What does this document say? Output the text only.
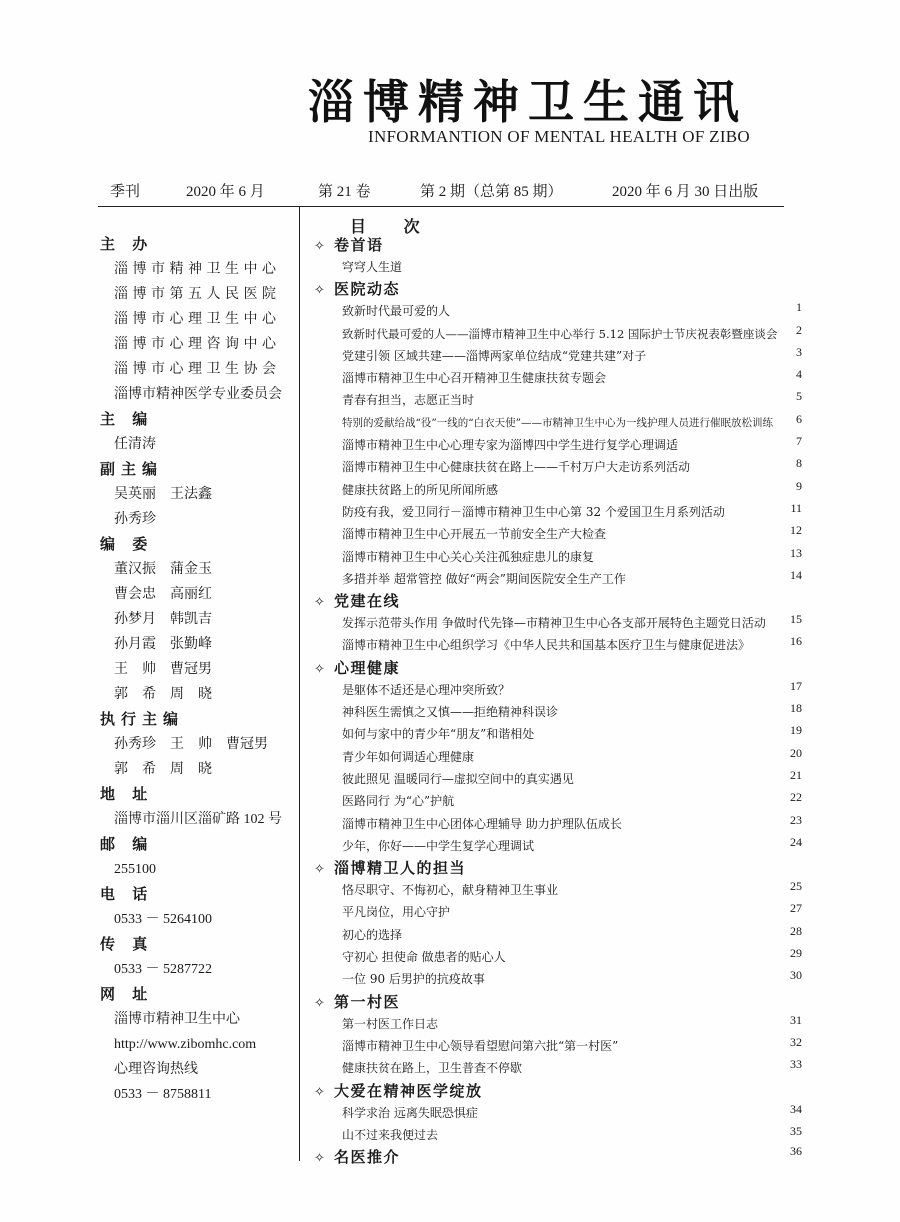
淄博精神卫生通讯
INFORMANTION OF MENTAL HEALTH OF ZIBO
季刊	2020 年 6 月	第 21 卷	第 2 期（总第 85 期）	2020 年 6 月 30 日出版
主 办
淄博市精神卫生中心
淄博市第五人民医院
淄博市心理卫生中心
淄博市心理咨询中心
淄博市心理卫生协会
淄博市精神医学专业委员会
主 编
任清涛
副主编
吴英丽　王法鑫
孙秀珍
编 委
董汉振　蒲金玉
曹会忠　高丽红
孙梦月　韩凯吉
孙月霞　张勤峰
王　帅　曹冠男
郭　希　周　晓
执行主编
孙秀珍　王　帅　曹冠男
郭　希　周　晓
地 址
淄博市淄川区淄矿路 102 号
邮 编
255100
电 话
0533 － 5264100
传 真
0533 － 5287722
网 址
淄博市精神卫生中心
http://www.zibomhc.com
心理咨询热线
0533 － 8758811
目 次
✧ 卷首语
穹穹人生道
✧ 医院动态
致新时代最可爱的人	1
致新时代最可爱的人——淄博市精神卫生中心举行 5.12 国际护士节庆祝表彰暨座谈会	2
党建引领 区域共建——淄博两家单位结成“党建共建”对子	3
淄博市精神卫生中心召开精神卫生健康扶贫专题会	4
青春有担当，志愿正当时	5
特别的爱献给战“役”一线的“白衣天使”——市精神卫生中心为一线护理人员进行催眠放松训练	6
淄博市精神卫生中心心理专家为淄博四中学生进行复学心理调适	7
淄博市精神卫生中心健康扶贫在路上——千村万户大走访系列活动	8
健康扶贫路上的所见所闻所感	9
防疫有我，爱卫同行－淄博市精神卫生中心第 32 个爱国卫生月系列活动	11
淄博市精神卫生中心开展五一节前安全生产大检查	12
淄博市精神卫生中心关心关注孤独症患儿的康复	13
多措并举 超常管控 做好“两会”期间医院安全生产工作	14
✧ 党建在线
发挥示范带头作用 争做时代先锋—市精神卫生中心各支部开展特色主题党日活动	15
淄博市精神卫生中心组织学习《中华人民共和国基本医疗卫生与健康促进法》	16
✧ 心理健康
是躯体不适还是心理冲突所致？	17
神科医生需慎之又慎——拒绝精神科误诊	18
如何与家中的青少年“朋友”和谐相处	19
青少年如何调适心理健康	20
彼此照见 温暖同行—虚拟空间中的真实遇见	21
医路同行 为“心”护航	22
淄博市精神卫生中心团体心理辅导 助力护理队伍成长	23
少年，你好——中学生复学心理调试	24
✧ 淄博精卫人的担当
恪尽职守、不悔初心，献身精神卫生事业	25
平凡岗位，用心守护	27
初心的选择	28
守初心 担使命 做患者的贴心人	29
一位 90 后男护的抗疫故事	30
✧ 第一村医
第一村医工作日志	31
淄博市精神卫生中心领导看望慰问第六批“第一村医”	32
健康扶贫在路上，卫生普查不停歇	33
✧ 大爱在精神医学绽放
科学求治 远离失眠恐惧症	34
山不过来我便过去	35
✧ 名医推介	36
